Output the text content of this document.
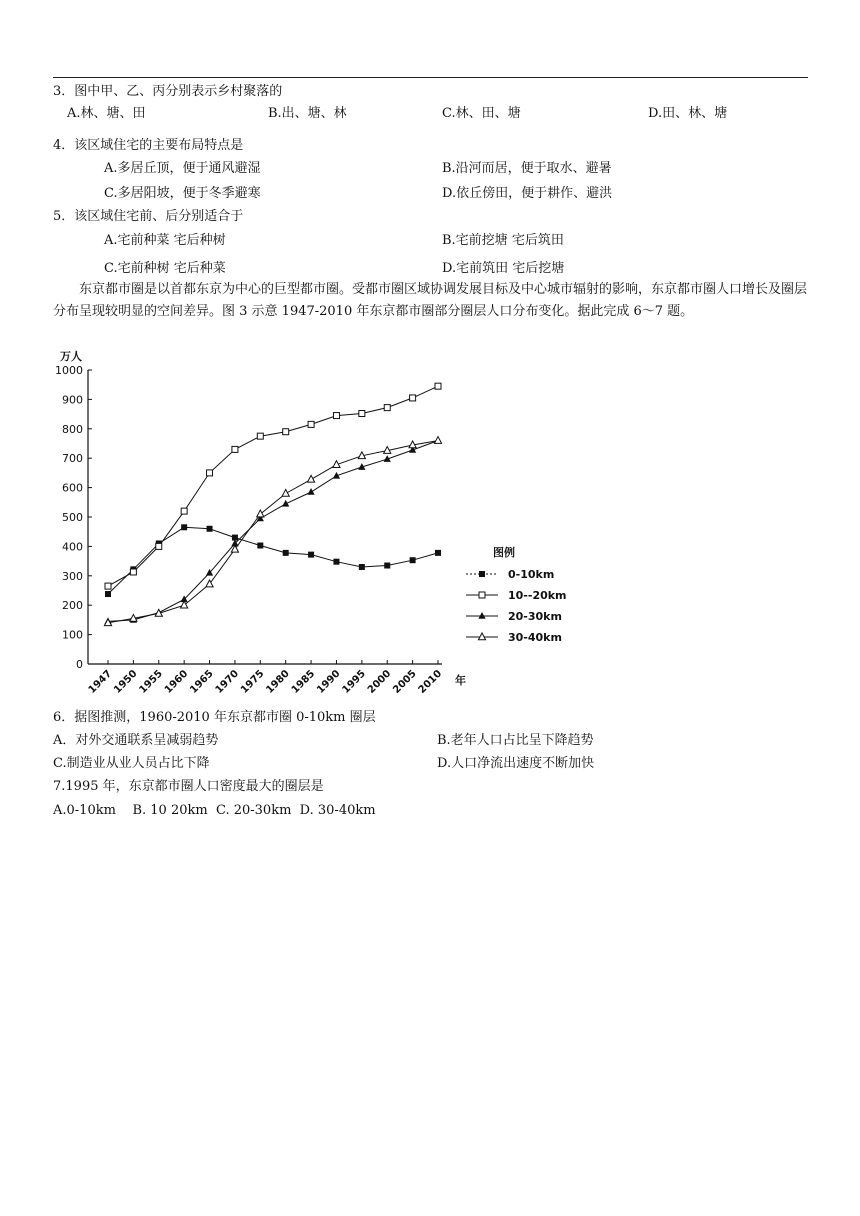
3．图中甲、乙、丙分别表示乡村聚落的
A.林、塘、田	B.出、塘、林	C.林、田、塘	D.田、林、塘
4．该区域住宅的主要布局特点是
A.多居丘顶，便于通风避湿	B.沿河而居，便于取水、避暑
C.多居阳坡，便于冬季避寒	D.依丘傍田，便于耕作、避洪
5．该区域住宅前、后分别适合于
A.宅前种菜 宅后种树	B.宅前挖塘 宅后筑田
C.宅前种树 宅后种菜	D.宅前筑田 宅后挖塘
东京都市圈是以首都东京为中心的巨型都市圈。受都市圈区域协调发展目标及中心城市辐射的影响，东京都市圈人口增长及圈层分布呈现较明显的空间差异。图 3 示意 1947-2010 年东京都市圈部分圈层人口分布变化。据此完成 6～7 题。
万人
年
0
100
200
300
400
500
600
700
800
900
1000
1947
1950
1955
1960
1965
1970
1975
1980
1985
1990
1995
2000
2005
2010
图例
0-10km
10--20km
20-30km
30-40km
6．据图推测，1960-2010 年东京都市圈 0-10km 圈层
A．对外交通联系呈减弱趋势	B.老年人口占比呈下降趋势
C.制造业从业人员占比下降	D.人口净流出速度不断加快
7.1995 年，东京都市圈人口密度最大的圈层是
A.0-10km    B. 10 20km  C. 20-30km  D. 30-40km
